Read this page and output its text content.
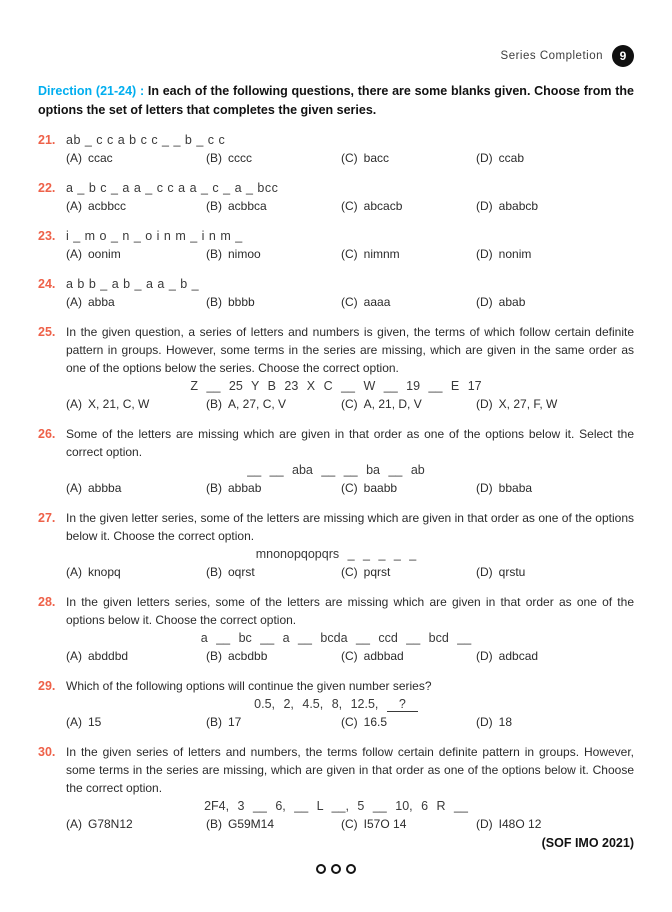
Series Completion	9

Direction (21-24) : In each of the following questions, there are some blanks given. Choose from the options the set of letters that completes the given series.

21. ab _ c c a b c c _ _ b _ c c
(A) ccac	(B) cccc	(C) bacc	(D) ccab
22. a _ b c _ a a _ c c a a _ c _ a _ bcc
(A) acbbcc	(B) acbbca	(C) abcacb	(D) ababcb
23. i _ m o _ n _ o i n m _ i n m _
(A) oonim	(B) nimoo	(C) nimnm	(D) nonim
24. a b b _ a b _ a a _ b _
(A) abba	(B) bbbb	(C) aaaa	(D) abab
25. In the given question, a series of letters and numbers is given, the terms of which follow certain definite pattern in groups. However, some terms in the series are missing, which are given in the same order as one of the options below the series. Choose the correct option.

Z __ 25 Y B 23 X C __ W __ 19 __ E 17
(A) X, 21, C, W	(B) A, 27, C, V	(C) A, 21, D, V	(D) X, 27, F, W
26. Some of the letters are missing which are given in that order as one of the options below it. Select the correct option.

__ __ aba __ __ ba __ ab
(A) abbba	(B) abbab	(C) baabb	(D) bbaba
27. In the given letter series, some of the letters are missing which are given in that order as one of the options below it. Choose the correct option.

mnonopqopqrs _ _ _ _ _
(A) knopq	(B) oqrst	(C) pqrst	(D) qrstu
28. In the given letters series, some of the letters are missing which are given in that order as one of the options below it. Choose the correct option.

a __ bc __ a __ bcda __ ccd __ bcd __
(A) abddbd	(B) acbdbb	(C) adbbad	(D) adbcad
29. Which of the following options will continue the given number series?

0.5, 2, 4.5, 8, 12.5, ?
(A) 15	(B) 17	(C) 16.5	(D) 18
30. In the given series of letters and numbers, the terms follow certain definite pattern in groups. However, some terms in the series are missing, which are given in that order as one of the options below it. Choose the correct option.

2F4, 3 __ 6, __ L __, 5 __ 10, 6 R __
(A) G78N12	(B) G59M14	(C) I57O 14	(D) I48O 12
(SOF IMO 2021)
